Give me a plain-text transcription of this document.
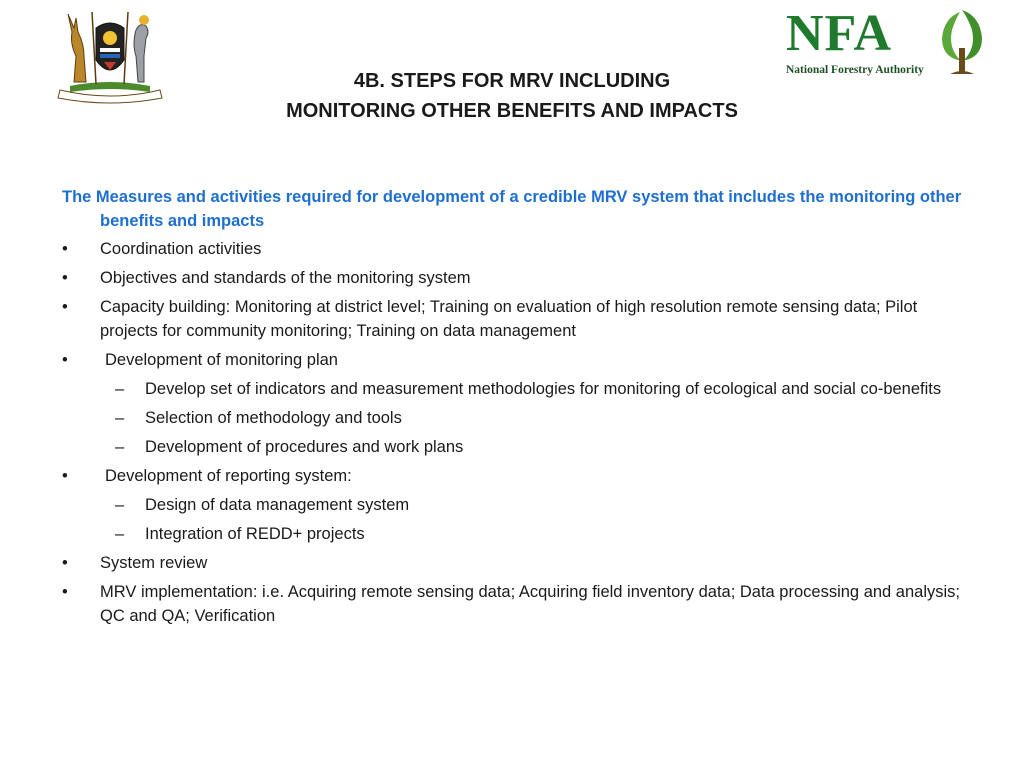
NFA
National Forestry Authority
4B. STEPS FOR MRV INCLUDING
MONITORING OTHER BENEFITS AND IMPACTS
The Measures and activities required for development of a credible MRV system that includes the monitoring other benefits and impacts
• Coordination activities
• Objectives and standards of the monitoring system
• Capacity building: Monitoring at district level; Training on evaluation of high resolution remote sensing data; Pilot projects for community monitoring; Training on data management
• Development of monitoring plan
– Develop set of indicators and measurement methodologies for monitoring of ecological and social co-benefits
– Selection of methodology and tools
– Development of procedures and work plans
• Development of reporting system:
– Design of data management system
– Integration of REDD+ projects
• System review
• MRV implementation: i.e. Acquiring remote sensing data; Acquiring field inventory data; Data processing and analysis; QC and QA; Verification
